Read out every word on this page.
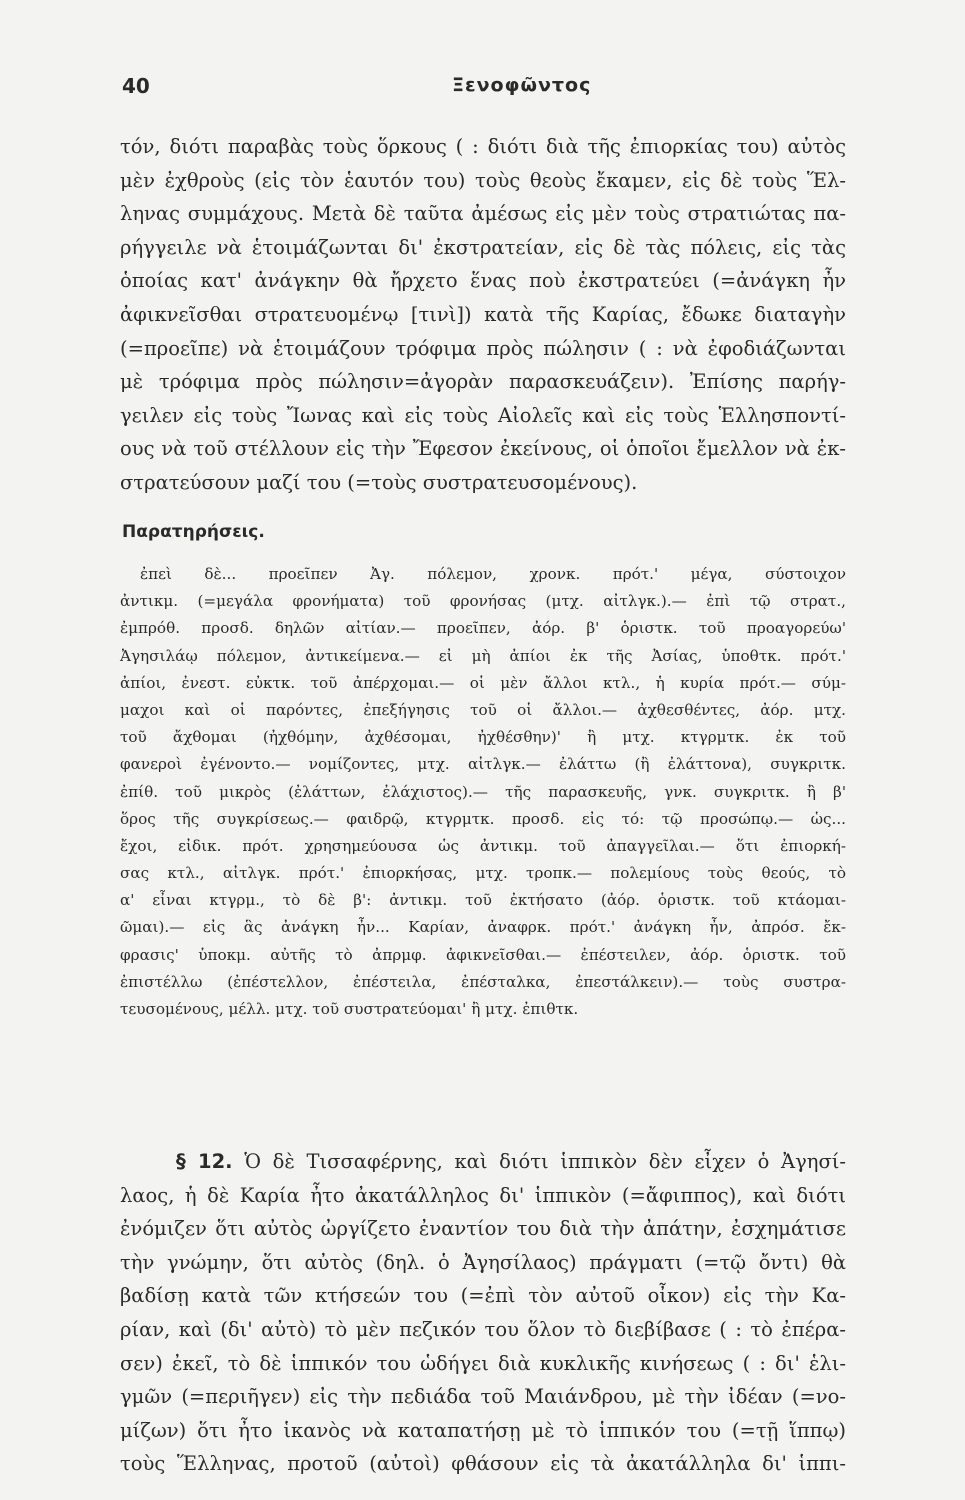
40	Ξενοφῶντος
τόν, διότι παραβὰς τοὺς ὅρκους ( : διότι διὰ τῆς ἐπιορκίας του) αὐτὸς
μὲν ἐχθροὺς (εἰς τὸν ἑαυτόν του) τοὺς θεοὺς ἔκαμεν, εἰς δὲ τοὺς Ἕλ-
ληνας συμμάχους. Μετὰ δὲ ταῦτα ἀμέσως εἰς μὲν τοὺς στρατιώτας πα-
ρήγγειλε νὰ ἑτοιμάζωνται δι' ἐκστρατείαν, εἰς δὲ τὰς πόλεις, εἰς τὰς
ὁποίας κατ' ἀνάγκην θὰ ἤρχετο ἕνας ποὺ ἐκστρατεύει (=ἀνάγκη ἦν
ἀφικνεῖσθαι στρατευομένῳ [τινὶ]) κατὰ τῆς Καρίας, ἔδωκε διαταγὴν
(=προεῖπε) νὰ ἑτοιμάζουν τρόφιμα πρὸς πώλησιν ( : νὰ ἐφοδιάζωνται
μὲ τρόφιμα πρὸς πώλησιν=ἀγορὰν παρασκευάζειν). Ἐπίσης παρήγ-
γειλεν εἰς τοὺς Ἴωνας καὶ εἰς τοὺς Αἰολεῖς καὶ εἰς τοὺς Ἑλλησποντί-
ους νὰ τοῦ στέλλουν εἰς τὴν Ἔφεσον ἐκείνους, οἱ ὁποῖοι ἔμελλον νὰ ἐκ-
στρατεύσουν μαζί του (=τοὺς συστρατευσομένους).
Παρατηρήσεις.
ἐπεὶ δὲ... προεῖπεν Ἀγ. πόλεμον, χρονκ. πρότ.' μέγα, σύστοιχον
ἀντικμ. (=μεγάλα φρονήματα) τοῦ φρονήσας (μτχ. αἰτλγκ.).— ἐπὶ τῷ στρατ.,
ἐμπρόθ. προσδ. δηλῶν αἰτίαν.— προεῖπεν, ἀόρ. β' ὁριστκ. τοῦ προαγορεύω'
Ἀγησιλάῳ πόλεμον, ἀντικείμενα.— εἰ μὴ ἀπίοι ἐκ τῆς Ἀσίας, ὑποθτκ. πρότ.'
ἀπίοι, ἐνεστ. εὐκτκ. τοῦ ἀπέρχομαι.— οἱ μὲν ἄλλοι κτλ., ἡ κυρία πρότ.— σύμ-
μαχοι καὶ οἱ παρόντες, ἐπεξήγησις τοῦ οἱ ἄλλοι.— ἀχθεσθέντες, ἀόρ. μτχ.
τοῦ ἄχθομαι (ἠχθόμην, ἀχθέσομαι, ἠχθέσθην)' ἢ μτχ. κτγρμτκ. ἐκ τοῦ
φανεροὶ ἐγένοντο.— νομίζοντες, μτχ. αἰτλγκ.— ἐλάττω (ἢ ἐλάττονα), συγκριτκ.
ἐπίθ. τοῦ μικρὸς (ἐλάττων, ἐλάχιστος).— τῆς παρασκευῆς, γνκ. συγκριτκ. ἢ β'
ὅρος τῆς συγκρίσεως.— φαιδρῷ, κτγρμτκ. προσδ. εἰς τό: τῷ προσώπῳ.— ὡς...
ἔχοι, εἰδικ. πρότ. χρησημεύουσα ὡς ἀντικμ. τοῦ ἀπαγγεῖλαι.— ὅτι ἐπιορκή-
σας κτλ., αἰτλγκ. πρότ.' ἐπιορκήσας, μτχ. τροπκ.— πολεμίους τοὺς θεούς, τὸ
α' εἶναι κτγρμ., τὸ δὲ β': ἀντικμ. τοῦ ἐκτήσατο (ἀόρ. ὁριστκ. τοῦ κτάομαι-
ῶμαι).— εἰς ἃς ἀνάγκη ἦν... Καρίαν, ἀναφρκ. πρότ.' ἀνάγκη ἦν, ἀπρόσ. ἔκ-
φρασις' ὑποκμ. αὐτῆς τὸ ἀπρμφ. ἀφικνεῖσθαι.— ἐπέστειλεν, ἀόρ. ὁριστκ. τοῦ
ἐπιστέλλω (ἐπέστελλον, ἐπέστειλα, ἐπέσταλκα, ἐπεστάλκειν).— τοὺς συστρα-
τευσομένους, μέλλ. μτχ. τοῦ συστρατεύομαι' ἢ μτχ. ἐπιθτκ.
§ 12. Ὁ δὲ Τισσαφέρνης, καὶ διότι ἱππικὸν δὲν εἶχεν ὁ Ἀγησί-
λαος, ἡ δὲ Καρία ἦτο ἀκατάλληλος δι' ἱππικὸν (=ἄφιππος), καὶ διότι
ἐνόμιζεν ὅτι αὐτὸς ὠργίζετο ἐναντίον του διὰ τὴν ἀπάτην, ἐσχημάτισε
τὴν γνώμην, ὅτι αὐτὸς (δηλ. ὁ Ἀγησίλαος) πράγματι (=τῷ ὄντι) θὰ
βαδίσῃ κατὰ τῶν κτήσεών του (=ἐπὶ τὸν αὐτοῦ οἶκον) εἰς τὴν Κα-
ρίαν, καὶ (δι' αὐτὸ) τὸ μὲν πεζικόν του ὅλον τὸ διεβίβασε ( : τὸ ἐπέρα-
σεν) ἐκεῖ, τὸ δὲ ἱππικόν του ὡδήγει διὰ κυκλικῆς κινήσεως ( : δι' ἑλι-
γμῶν (=περιῆγεν) εἰς τὴν πεδιάδα τοῦ Μαιάνδρου, μὲ τὴν ἰδέαν (=νο-
μίζων) ὅτι ἦτο ἱκανὸς νὰ καταπατήσῃ μὲ τὸ ἱππικόν του (=τῇ ἵππῳ)
τοὺς Ἕλληνας, προτοῦ (αὐτοὶ) φθάσουν εἰς τὰ ἀκατάλληλα δι' ἱππι-
